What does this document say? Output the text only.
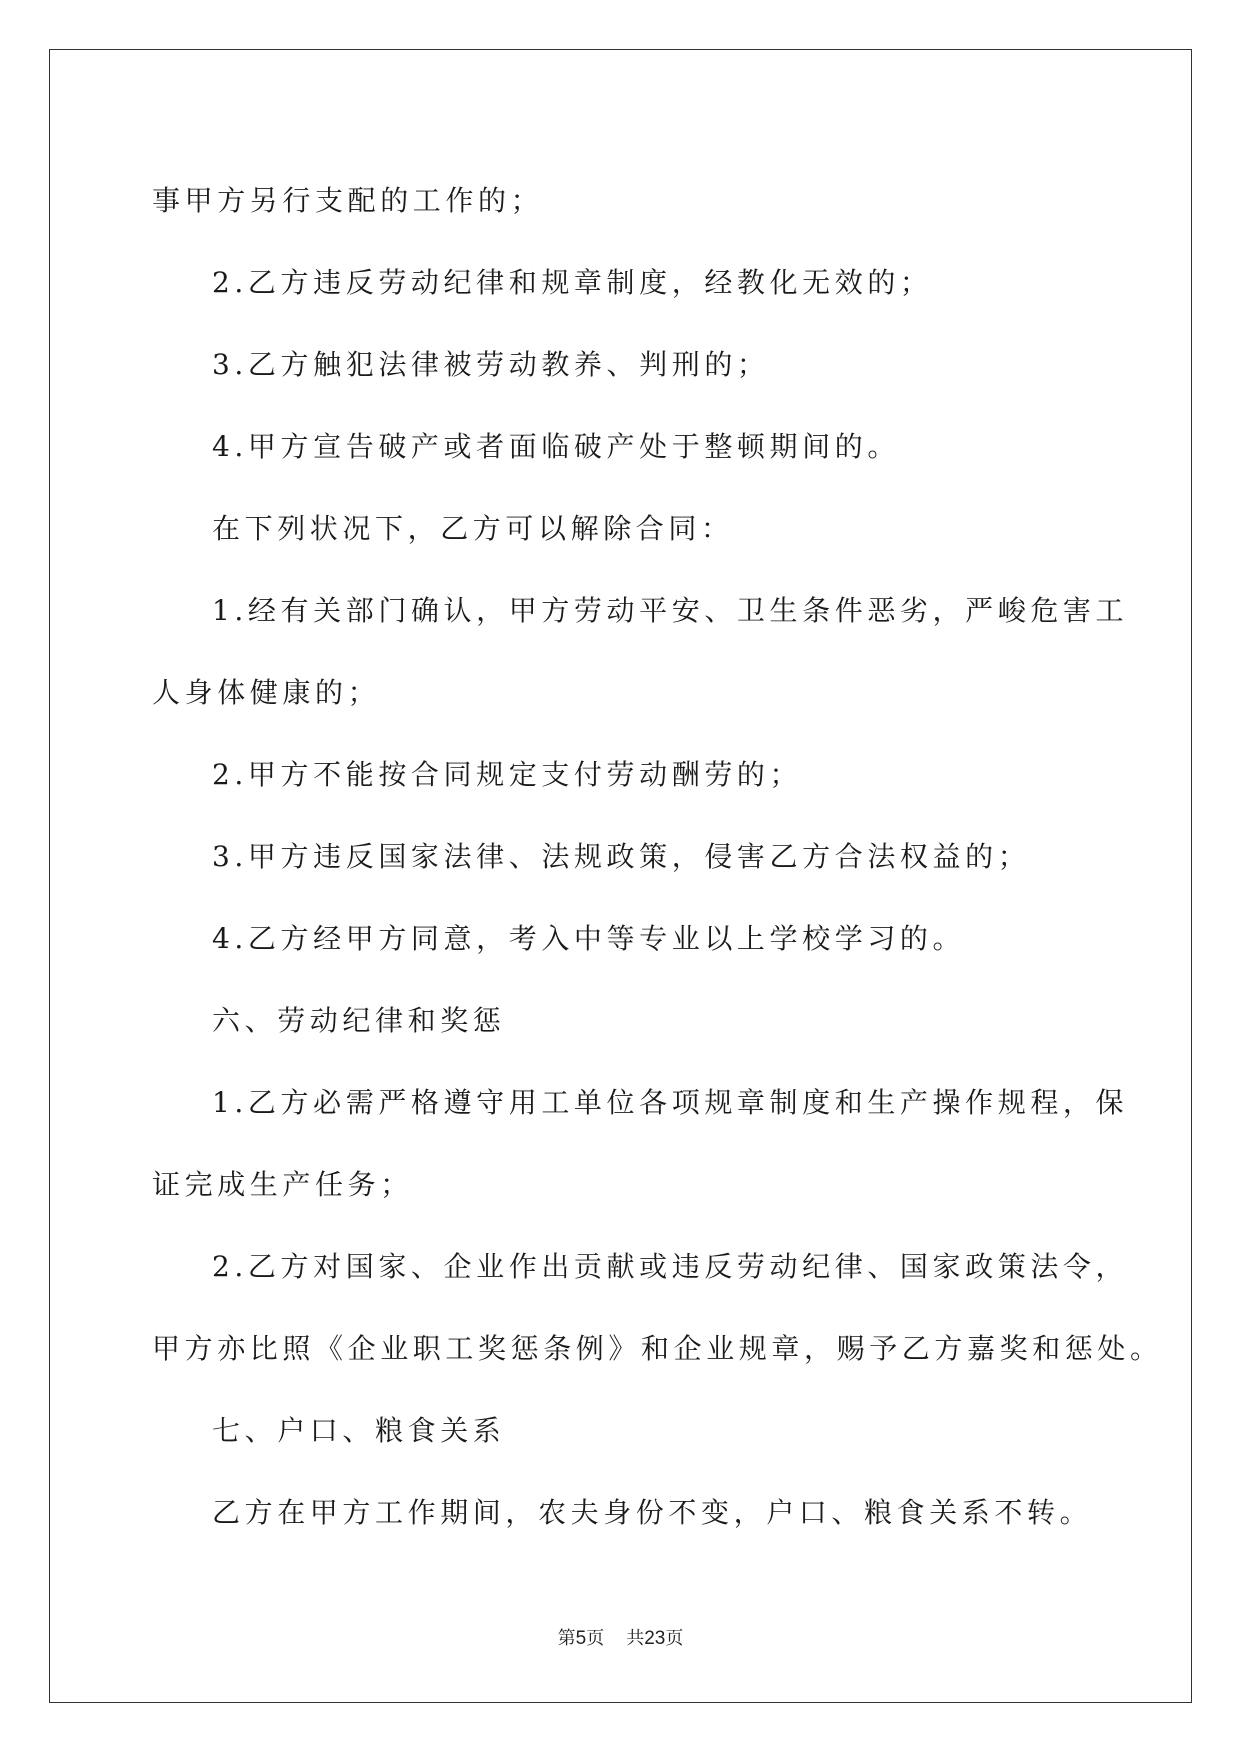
事甲方另行支配的工作的；

2.乙方违反劳动纪律和规章制度，经教化无效的；

3.乙方触犯法律被劳动教养、判刑的；

4.甲方宣告破产或者面临破产处于整顿期间的。

在下列状况下，乙方可以解除合同：

1.经有关部门确认，甲方劳动平安、卫生条件恶劣，严峻危害工

人身体健康的；

2.甲方不能按合同规定支付劳动酬劳的；

3.甲方违反国家法律、法规政策，侵害乙方合法权益的；

4.乙方经甲方同意，考入中等专业以上学校学习的。

六、劳动纪律和奖惩

1.乙方必需严格遵守用工单位各项规章制度和生产操作规程，保

证完成生产任务；

2.乙方对国家、企业作出贡献或违反劳动纪律、国家政策法令，

甲方亦比照《企业职工奖惩条例》和企业规章，赐予乙方嘉奖和惩处。

七、户口、粮食关系

乙方在甲方工作期间，农夫身份不变，户口、粮食关系不转。

第5页 共23页
